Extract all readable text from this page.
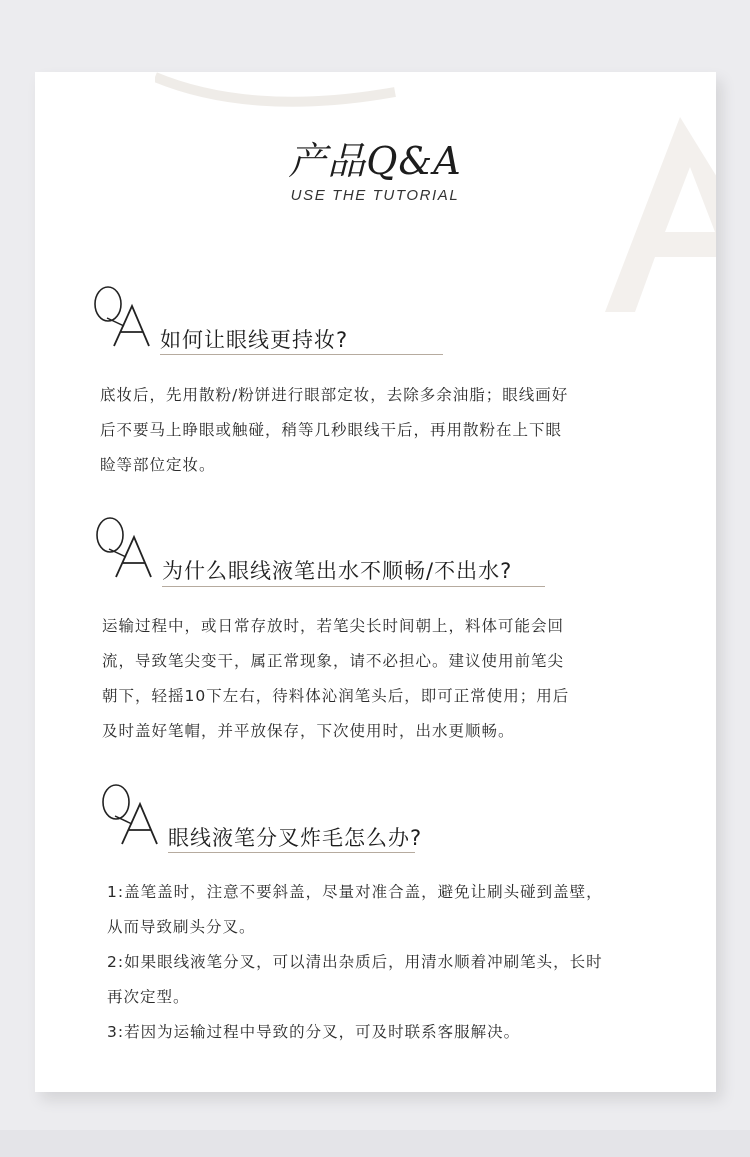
产品Q&A
USE THE TUTORIAL
如何让眼线更持妆?

底妆后，先用散粉/粉饼进行眼部定妆，去除多余油脂；眼线画好

后不要马上睁眼或触碰，稍等几秒眼线干后，再用散粉在上下眼

睑等部位定妆。

为什么眼线液笔出水不顺畅/不出水?

运输过程中，或日常存放时，若笔尖长时间朝上，料体可能会回

流，导致笔尖变干，属正常现象，请不必担心。建议使用前笔尖

朝下，轻摇10下左右，待料体沁润笔头后，即可正常使用；用后

及时盖好笔帽，并平放保存，下次使用时，出水更顺畅。

眼线液笔分叉炸毛怎么办?

1:盖笔盖时，注意不要斜盖，尽量对准合盖，避免让刷头碰到盖壁，

从而导致刷头分叉。

2:如果眼线液笔分叉，可以清出杂质后，用清水顺着冲刷笔头，长时

再次定型。

3:若因为运输过程中导致的分叉，可及时联系客服解决。
